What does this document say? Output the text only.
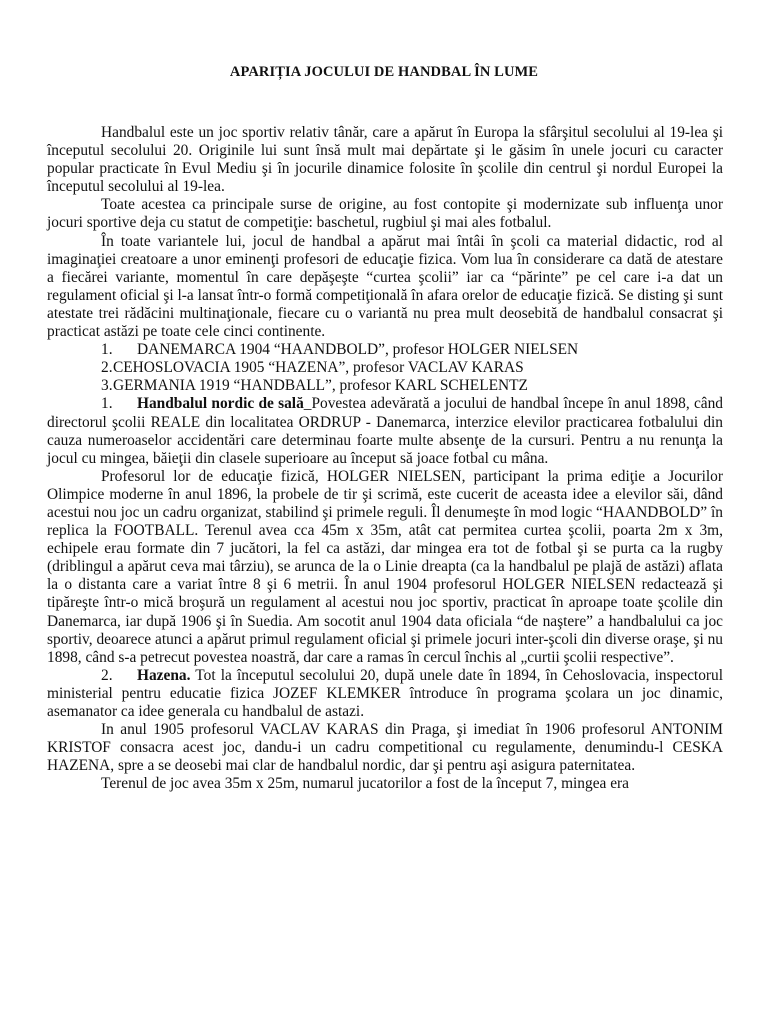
APARIȚIA JOCULUI DE HANDBAL ÎN LUME

Handbalul este un joc sportiv relativ tânăr, care a apărut în Europa la sfârşitul secolului al 19-lea şi începutul secolului 20. Originile lui sunt însă mult mai depărtate şi le găsim în unele jocuri cu caracter popular practicate în Evul Mediu şi în jocurile dinamice folosite în şcolile din centrul şi nordul Europei la începutul secolului al 19-lea.

Toate acestea ca principale surse de origine, au fost contopite şi modernizate sub influenţa unor jocuri sportive deja cu statut de competiţie: baschetul, rugbiul şi mai ales fotbalul.

În toate variantele lui, jocul de handbal a apărut mai întâi în şcoli ca material didactic, rod al imaginaţiei creatoare a unor eminenţi profesori de educaţie fizica. Vom lua în considerare ca dată de atestare a fiecărei variante, momentul în care depăşeşte “curtea şcolii” iar ca “părinte” pe cel care i-a dat un regulament oficial şi l-a lansat într-o formă competiţională în afara orelor de educaţie fizică. Se disting şi sunt atestate trei rădăcini multinaţionale, fiecare cu o variantă nu prea mult deosebită de handbalul consacrat şi practicat astăzi pe toate cele cinci continente.

1. DANEMARCA 1904 “HAANDBOLD”, profesor HOLGER NIELSEN

2.CEHOSLOVACIA 1905 “HAZENA”, profesor VACLAV KARAS

3.GERMANIA 1919 “HANDBALL”, profesor KARL SCHELENTZ

1. Handbalul nordic de sală_Povestea adevărată a jocului de handbal începe în anul 1898, când directorul şcolii REALE din localitatea ORDRUP - Danemarca, interzice elevilor practicarea fotbalului din cauza numeroaselor accidentări care determinau foarte multe absenţe de la cursuri. Pentru a nu renunţa la jocul cu mingea, băieţii din clasele superioare au început să joace fotbal cu mâna.

Profesorul lor de educaţie fizică, HOLGER NIELSEN, participant la prima ediţie a Jocurilor Olimpice moderne în anul 1896, la probele de tir şi scrimă, este cucerit de aceasta idee a elevilor săi, dând acestui nou joc un cadru organizat, stabilind şi primele reguli. Îl denumeşte în mod logic “HAANDBOLD” în replica la FOOTBALL. Terenul avea cca 45m x 35m, atât cat permitea curtea şcolii, poarta 2m x 3m, echipele erau formate din 7 jucători, la fel ca astăzi, dar mingea era tot de fotbal şi se purta ca la rugby (driblingul a apărut ceva mai târziu), se arunca de la o Linie dreapta (ca la handbalul pe plajă de astăzi) aflata la o distanta care a variat între 8 şi 6 metrii. În anul 1904 profesorul HOLGER NIELSEN redactează şi tipăreşte într-o mică broşură un regulament al acestui nou joc sportiv, practicat în aproape toate şcolile din Danemarca, iar după 1906 şi în Suedia. Am socotit anul 1904 data oficiala “de naştere” a handbalului ca joc sportiv, deoarece atunci a apărut primul regulament oficial şi primele jocuri inter-şcoli din diverse oraşe, şi nu 1898, când s-a petrecut povestea noastră, dar care a ramas în cercul închis al „curtii şcolii respective”.

2. Hazena. Tot la începutul secolului 20, după unele date în 1894, în Cehoslovacia, inspectorul ministerial pentru educatie fizica JOZEF KLEMKER întroduce în programa şcolara un joc dinamic, asemanator ca idee generala cu handbalul de astazi.

In anul 1905 profesorul VACLAV KARAS din Praga, şi imediat în 1906 profesorul ANTONIM KRISTOF consacra acest joc, dandu-i un cadru competitional cu regulamente, denumindu-l CESKA HAZENA, spre a se deosebi mai clar de handbalul nordic, dar şi pentru aşi asigura paternitatea.

Terenul de joc avea 35m x 25m, numarul jucatorilor a fost de la început 7, mingea era
